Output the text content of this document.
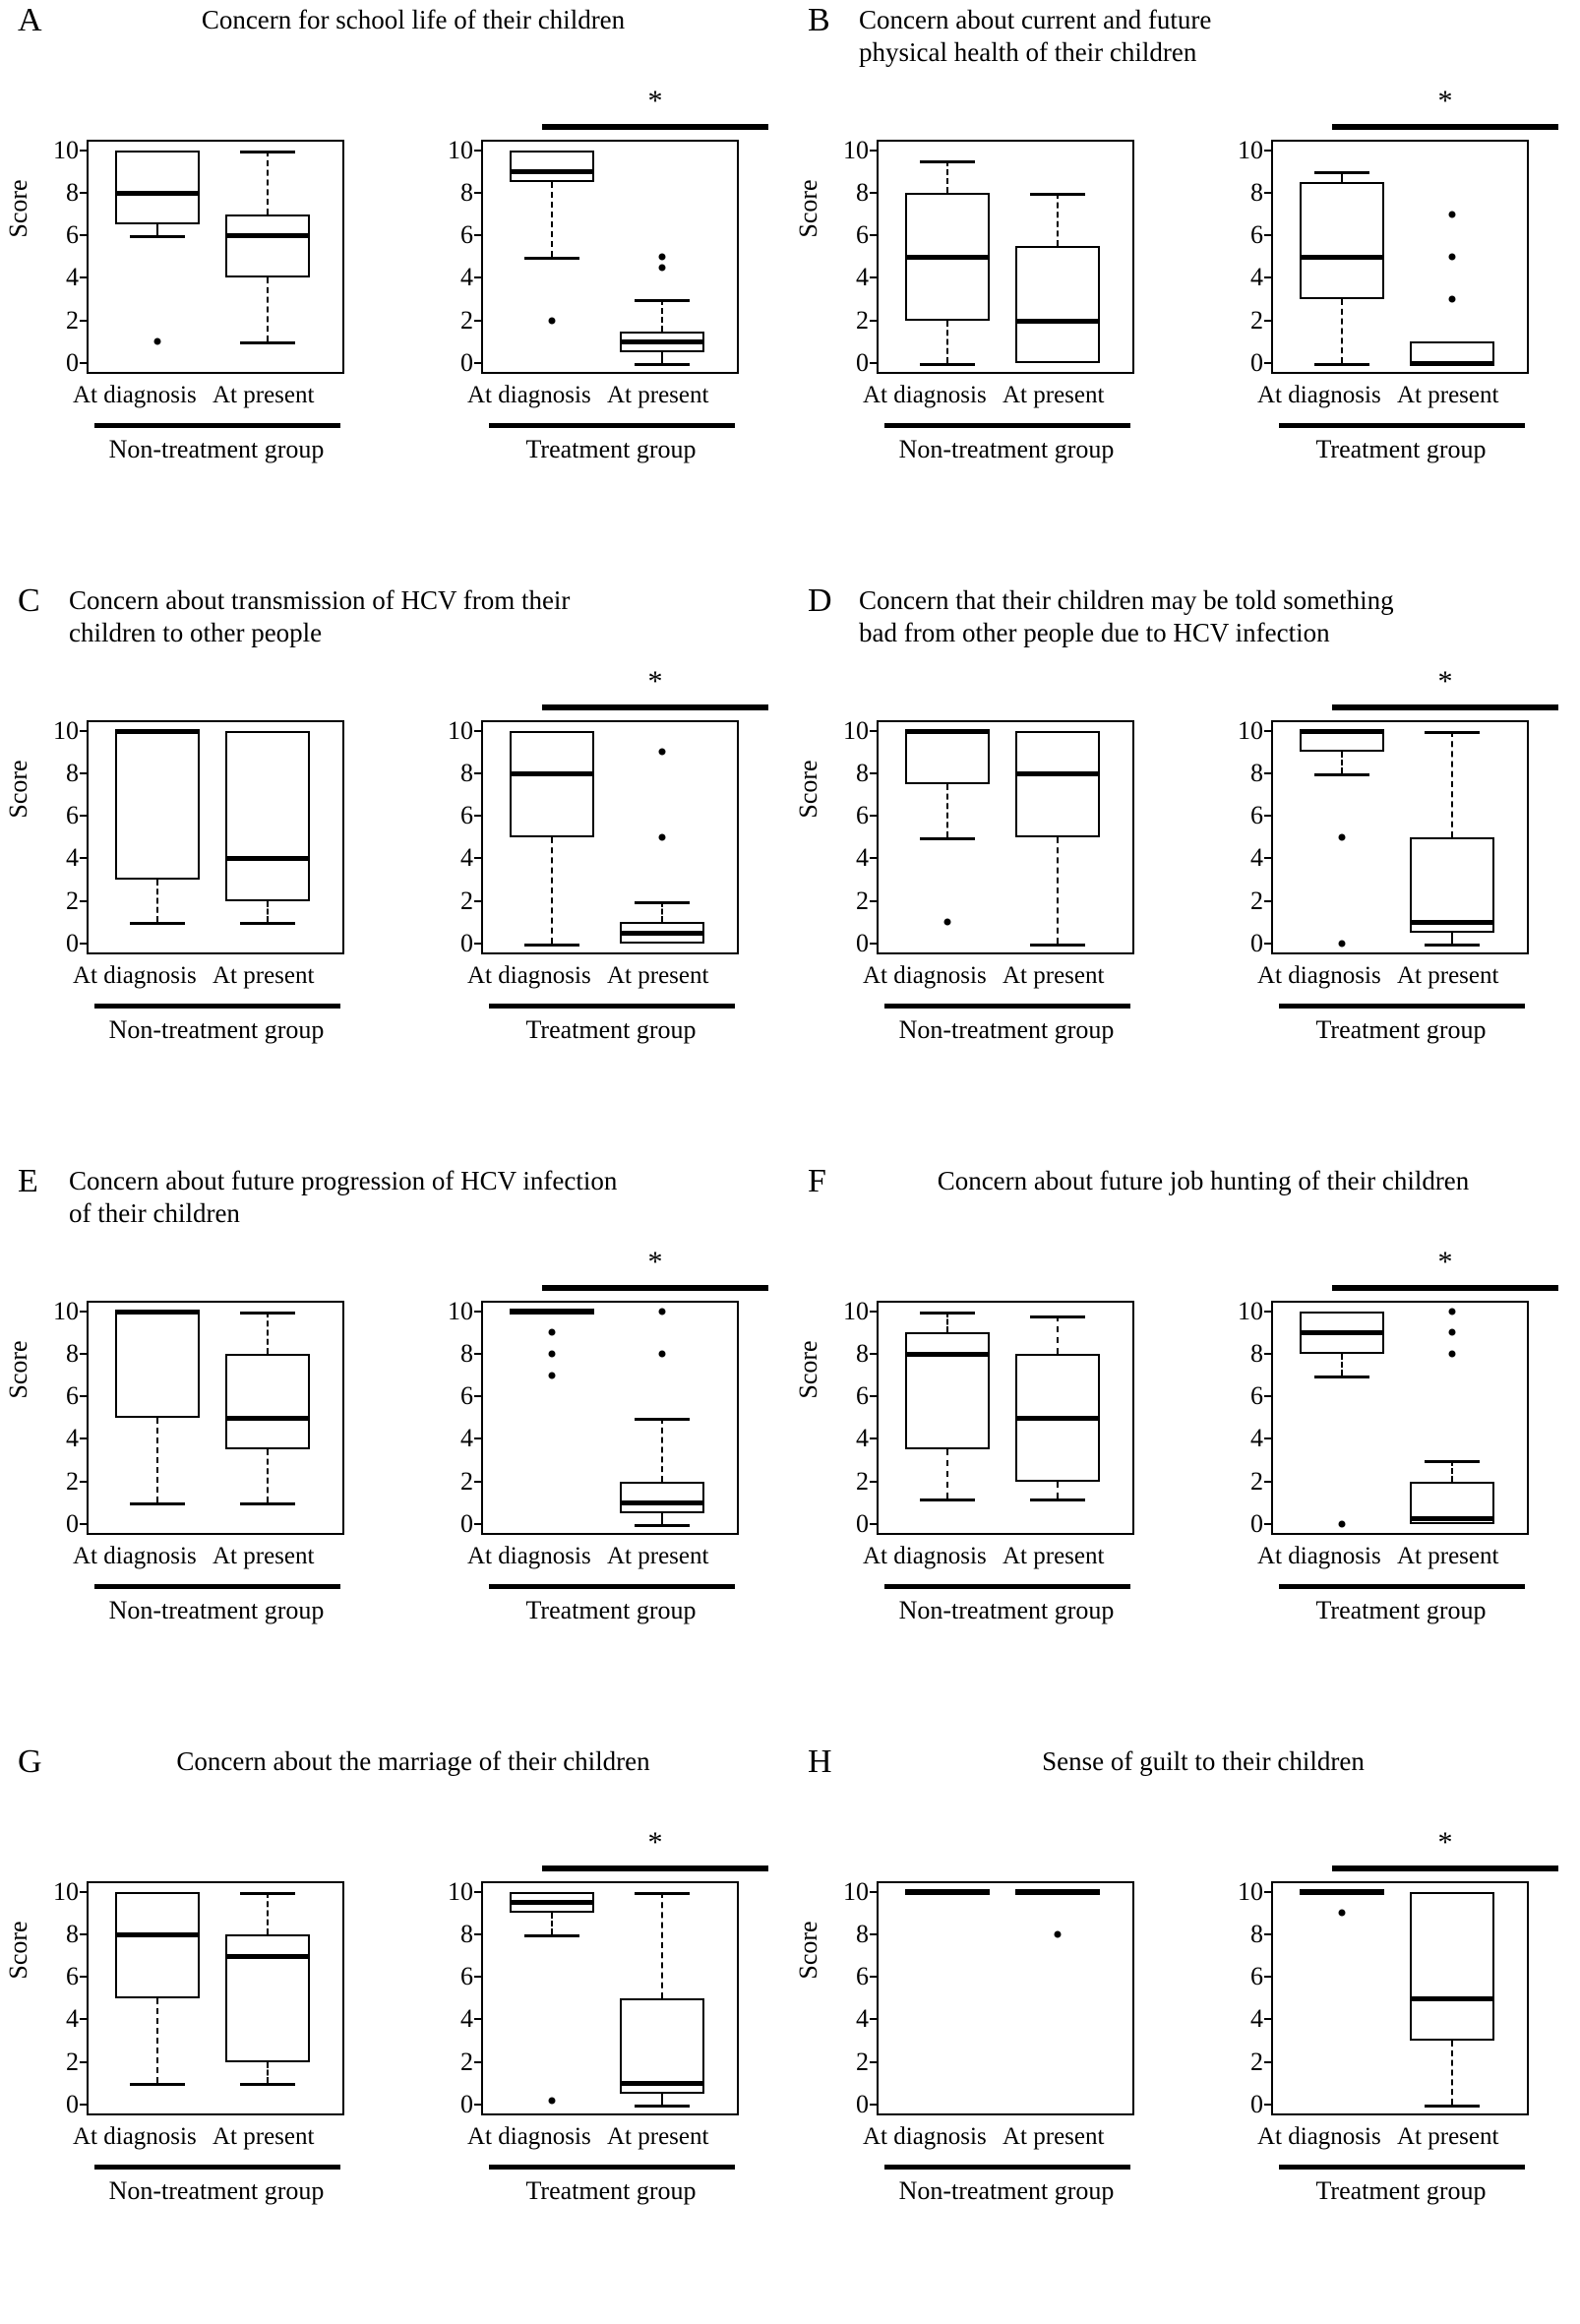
A	Concern for school life of their children
Score
0
2
4
6
8
10
At diagnosis At present
Non-treatment group
*
0
2
4
6
8
10
At diagnosis At present
Treatment group
B Concern about current and future
physical health of their children
Score
0
2
4
6
8
10
At diagnosis At present
Non-treatment group
*
0
2
4
6
8
10
At diagnosis At present
Treatment group
C Concern about transmission of HCV from their
children to other people
Score
0
2
4
6
8
10
At diagnosis At present
Non-treatment group
*
0
2
4
6
8
10
At diagnosis At present
Treatment group
D Concern that their children may be told something
bad from other people due to HCV infection
Score
0
2
4
6
8
10
At diagnosis At present
Non-treatment group
*
0
2
4
6
8
10
At diagnosis At present
Treatment group
E Concern about future progression of HCV infection
of their children
Score
0
2
4
6
8
10
At diagnosis At present
Non-treatment group
*
0
2
4
6
8
10
At diagnosis At present
Treatment group
F	Concern about future job hunting of their children
Score
0
2
4
6
8
10
At diagnosis At present
Non-treatment group
*
0
2
4
6
8
10
At diagnosis At present
Treatment group
G	Concern about the marriage of their children
Score
0
2
4
6
8
10
At diagnosis At present
Non-treatment group
*
0
2
4
6
8
10
At diagnosis At present
Treatment group
H	Sense of guilt to their children
Score
0
2
4
6
8
10
At diagnosis At present
Non-treatment group
*
0
2
4
6
8
10
At diagnosis At present
Treatment group
